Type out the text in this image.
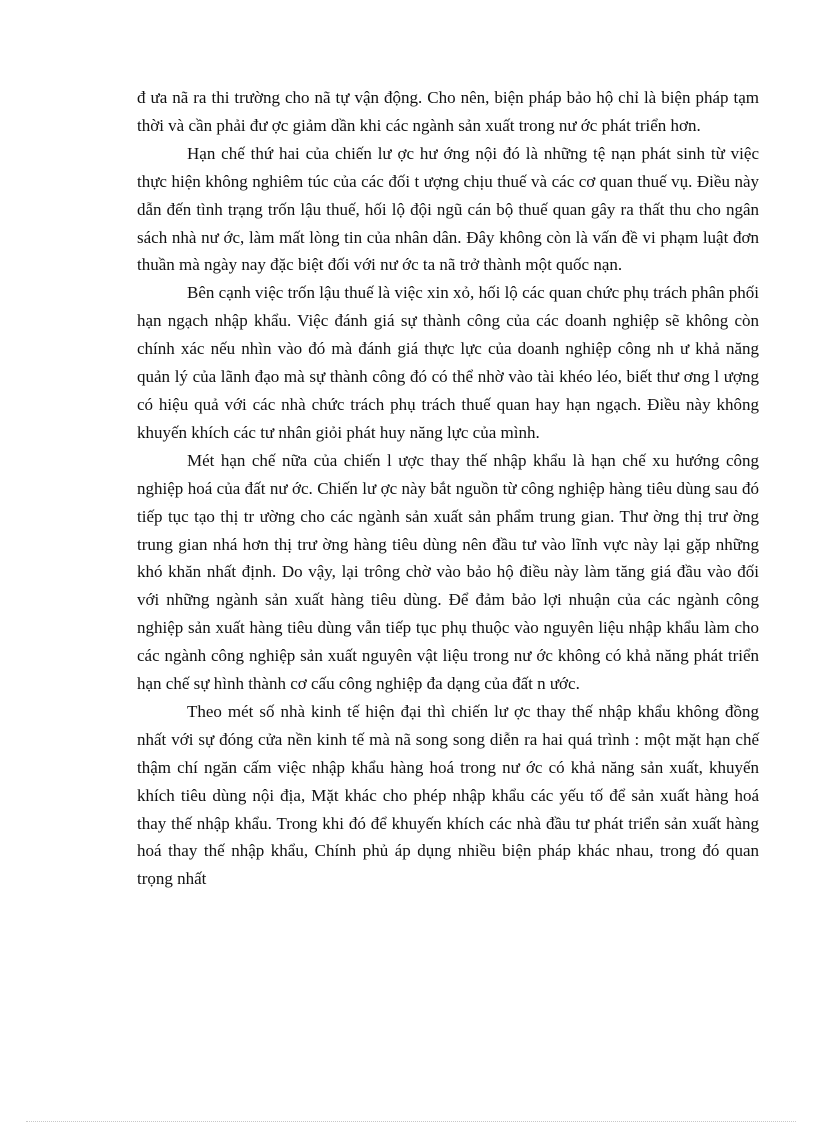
đ ưa nã ra thi trường cho nã tự vận động. Cho nên, biện pháp bảo hộ chỉ là biện pháp tạm thời và cần phải đư ợc giảm dần khi các ngành sản xuất trong nư ớc phát triển hơn.

Hạn chế thứ hai của chiến lư ợc hư ớng nội đó là những tệ nạn phát sinh từ việc thực hiện không nghiêm túc của các đối t ượng chịu thuế và các cơ quan thuế vụ. Điều này dẫn đến tình trạng trốn lậu thuế, hối lộ đội ngũ cán bộ thuế quan gây ra thất thu cho ngân sách nhà nư ớc, làm mất lòng tin của nhân dân. Đây không còn là vấn đề vi phạm luật đơn thuần mà ngày nay đặc biệt đối với nư ớc ta nã trở thành một quốc nạn.

Bên cạnh việc trốn lậu thuế là việc xin xỏ, hối lộ các quan chức phụ trách phân phối hạn ngạch nhập khẩu. Việc đánh giá sự thành công của các doanh nghiệp sẽ không còn chính xác nếu nhìn vào đó mà đánh giá thực lực của doanh nghiệp công nh ư khả năng quản lý của lãnh đạo mà sự thành công đó có thể nhờ vào tài khéo léo, biết thư ơng l ượng có hiệu quả với các nhà chức trách phụ trách thuế quan hay hạn ngạch. Điều này không khuyến khích các tư nhân giỏi phát huy năng lực của mình.

Mét hạn chế nữa của chiến l ược thay thế nhập khẩu là hạn chế xu hướng công nghiệp hoá của đất nư ớc. Chiến lư ợc này bắt nguồn từ công nghiệp hàng tiêu dùng sau đó tiếp tục tạo thị tr ường cho các ngành sản xuất sản phẩm trung gian. Thư ờng thị trư ờng trung gian nhá hơn thị trư ờng hàng tiêu dùng nên đầu tư vào lĩnh vực này lại gặp những khó khăn nhất định. Do vậy, lại trông chờ vào bảo hộ điều này làm tăng giá đầu vào đối với những ngành sản xuất hàng tiêu dùng. Để đảm bảo lợi nhuận của các ngành công nghiệp sản xuất hàng tiêu dùng vẫn tiếp tục phụ thuộc vào nguyên liệu nhập khẩu làm cho các ngành công nghiệp sản xuất nguyên vật liệu trong nư ớc không có khả năng phát triển hạn chế sự hình thành cơ cấu công nghiệp đa dạng của đất n ước.

Theo mét số nhà kinh tế hiện đại thì chiến lư ợc thay thế nhập khẩu không đồng nhất với sự đóng cửa nền kinh tế mà nã song song diễn ra hai quá trình : một mặt hạn chế thậm chí ngăn cấm việc nhập khẩu hàng hoá trong nư ớc có khả năng sản xuất, khuyến khích tiêu dùng nội địa, Mặt khác cho phép nhập khẩu các yếu tố để sản xuất hàng hoá thay thế nhập khẩu. Trong khi đó để khuyến khích các nhà đầu tư phát triển sản xuất hàng hoá thay thế nhập khẩu, Chính phủ áp dụng nhiều biện pháp khác nhau, trong đó quan trọng nhất
